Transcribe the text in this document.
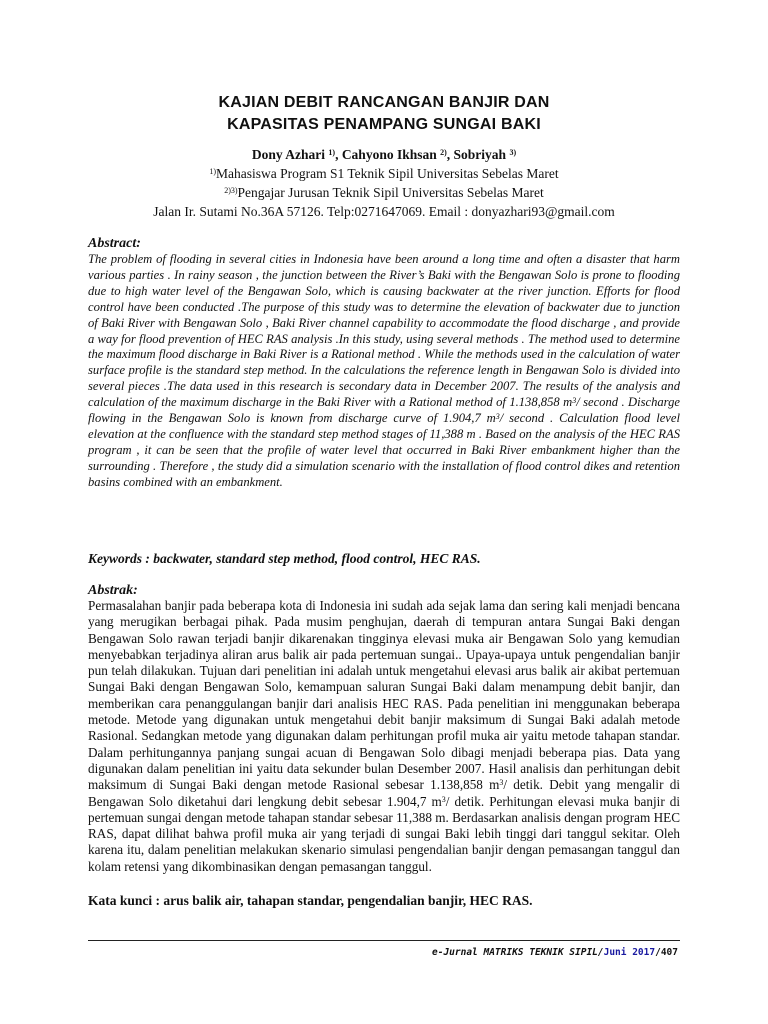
KAJIAN DEBIT RANCANGAN BANJIR DAN
KAPASITAS PENAMPANG SUNGAI BAKI
Dony Azhari $^{1)}$, Cahyono Ikhsan $^{2)}$, Sobriyah $^{3)}$
$^{1)}$Mahasiswa Program S1 Teknik Sipil Universitas Sebelas Maret
$^{2)3)}$Pengajar Jurusan Teknik Sipil Universitas Sebelas Maret
Jalan Ir. Sutami No.36A 57126. Telp:0271647069. Email : donyazhari93@gmail.com
Abstract:

The problem of flooding in several cities in Indonesia have been around a long time and often a disaster that harm various parties . In rainy season , the junction between the River’s Baki with the Bengawan Solo is prone to flooding due to high water level of the Bengawan Solo, which is causing backwater at the river junction. Efforts for flood control have been conducted .The purpose of this study was to determine the elevation of backwater due to junction of Baki River with Bengawan Solo , Baki River channel capability to accommodate the flood discharge , and provide a way for flood prevention of HEC RAS analysis .In this study, using several methods . The method used to determine the maximum flood discharge in Baki River is a Rational method . While the methods used in the calculation of water surface profile is the standard step method. In the calculations the reference length in Bengawan Solo is divided into several pieces .The data used in this research is secondary data in December 2007. The results of the analysis and calculation of the maximum discharge in the Baki River with a Rational method of 1.138,858 $m^3/$ second . Discharge flowing in the Bengawan Solo is known from discharge curve of 1.904,7 $m^3/$ second . Calculation flood level elevation at the confluence with the standard step method stages of 11,388 m . Based on the analysis of the HEC RAS program , it can be seen that the profile of water level that occurred in Baki River embankment higher than the surrounding . Therefore , the study did a simulation scenario with the installation of flood control dikes and retention basins combined with an embankment.

Keywords : backwater, standard step method, flood control, HEC RAS.
Abstrak:

Permasalahan banjir pada beberapa kota di Indonesia ini sudah ada sejak lama dan sering kali menjadi bencana yang merugikan berbagai pihak. Pada musim penghujan, daerah di tempuran antara Sungai Baki dengan Bengawan Solo rawan terjadi banjir dikarenakan tingginya elevasi muka air Bengawan Solo yang kemudian menyebabkan terjadinya aliran arus balik air pada pertemuan sungai.. Upaya-upaya untuk pengendalian banjir pun telah dilakukan. Tujuan dari penelitian ini adalah untuk mengetahui elevasi arus balik air akibat pertemuan Sungai Baki dengan Bengawan Solo, kemampuan saluran Sungai Baki dalam menampung debit banjir, dan memberikan cara penanggulangan banjir dari analisis HEC RAS. Pada penelitian ini menggunakan beberapa metode. Metode yang digunakan untuk mengetahui debit banjir maksimum di Sungai Baki adalah metode Rasional. Sedangkan metode yang digunakan dalam perhitungan profil muka air yaitu metode tahapan standar. Dalam perhitungannya panjang sungai acuan di Bengawan Solo dibagi menjadi beberapa pias. Data yang digunakan dalam penelitian ini yaitu data sekunder bulan Desember 2007. Hasil analisis dan perhitungan debit maksimum di Sungai Baki dengan metode Rasional sebesar 1.138,858 $m^3/$ detik. Debit yang mengalir di Bengawan Solo diketahui dari lengkung debit sebesar 1.904,7 $m^3/$ detik. Perhitungan elevasi muka banjir di pertemuan sungai dengan metode tahapan standar sebesar 11,388 m. Berdasarkan analisis dengan program HEC RAS, dapat dilihat bahwa profil muka air yang terjadi di sungai Baki lebih tinggi dari tanggul sekitar. Oleh karena itu, dalam penelitian melakukan skenario simulasi pengendalian banjir dengan pemasangan tanggul dan kolam retensi yang dikombinasikan dengan pemasangan tanggul.

Kata kunci : arus balik air, tahapan standar, pengendalian banjir, HEC RAS.
e-Jurnal MATRIKS TEKNIK SIPIL/Juni 2017/407
